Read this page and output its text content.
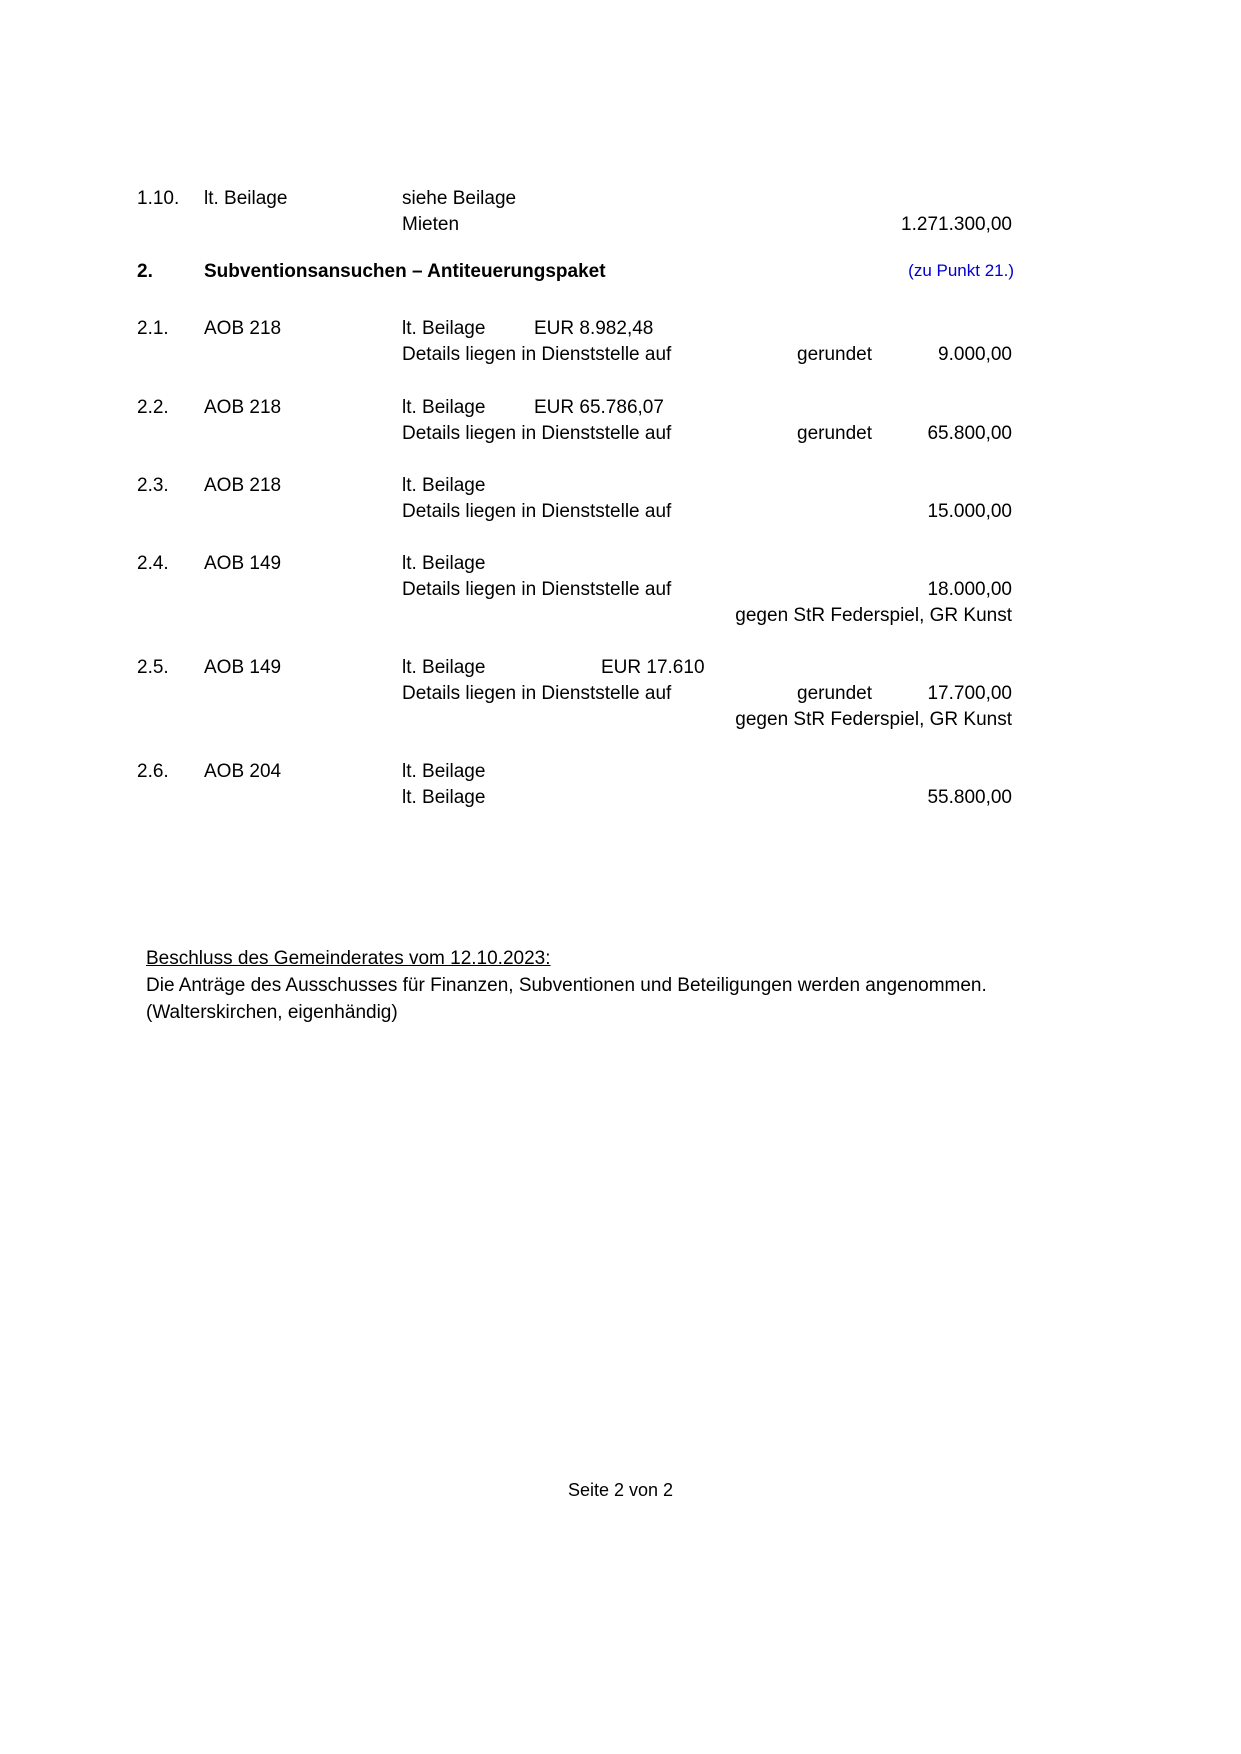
1.10. lt. Beilage	siehe Beilage
Mieten	1.271.300,00
2.	Subventionsansuchen – Antiteuerungspaket	(zu Punkt 21.)
2.1. AOB 218	lt. Beilage	EUR 8.982,48
Details liegen in Dienststelle auf	gerundet	9.000,00
2.2. AOB 218	lt. Beilage	EUR 65.786,07
Details liegen in Dienststelle auf	gerundet	65.800,00
2.3. AOB 218	lt. Beilage
Details liegen in Dienststelle auf	15.000,00
2.4. AOB 149	lt. Beilage
Details liegen in Dienststelle auf	18.000,00
gegen StR Federspiel, GR Kunst
2.5. AOB 149	lt. Beilage	EUR 17.610
Details liegen in Dienststelle auf	gerundet	17.700,00
gegen StR Federspiel, GR Kunst
2.6. AOB 204	lt. Beilage
lt. Beilage	55.800,00
Beschluss des Gemeinderates vom 12.10.2023:
Die Anträge des Ausschusses für Finanzen, Subventionen und Beteiligungen werden angenommen.
(Walterskirchen, eigenhändig)
Seite 2 von 2
